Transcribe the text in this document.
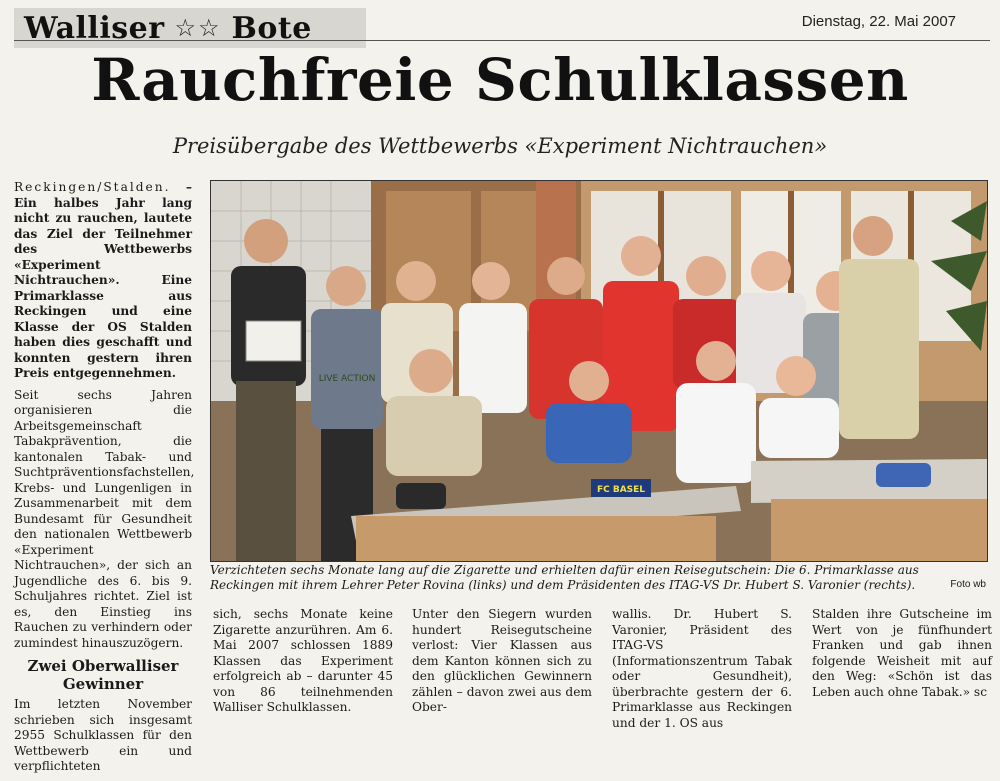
Walliser ☆☆ Bote	Dienstag, 22. Mai 2007
Rauchfreie Schulklassen
Preisübergabe des Wettbewerbs «Experiment Nichtrauchen»

Reckingen/Stalden. – Ein halbes Jahr lang nicht zu rauchen, lautete das Ziel der Teilnehmer des Wettbewerbs «Experiment Nichtrauchen». Eine Primarklasse aus Reckingen und eine Klasse der OS Stalden haben dies geschafft und konnten gestern ihren Preis entgegennehmen.

Seit sechs Jahren organisieren die Arbeitsgemeinschaft Tabakprävention, die kantonalen Tabak- und Suchtpräventionsfachstellen, Krebs- und Lungenligen in Zusammenarbeit mit dem Bundesamt für Gesundheit den nationalen Wettbewerb «Experiment Nichtrauchen», der sich an Jugendliche des 6. bis 9. Schuljahres richtet. Ziel ist es, den Einstieg ins Rauchen zu verhindern oder zumindest hinauszuzögern.

Zwei Oberwalliser Gewinner

Im letzten November schrieben sich insgesamt 2955 Schulklassen für den Wettbewerb ein und verpflichteten

LIVE ACTION
FC BASEL
Verzichteten sechs Monate lang auf die Zigarette und erhielten dafür einen Reisegutschein: Die 6. Primarklasse aus Reckingen mit ihrem Lehrer Peter Rovina (links) und dem Präsidenten des ITAG-VS Dr. Hubert S. Varonier (rechts).	Foto wb
sich, sechs Monate keine Zigarette anzurühren. Am 6. Mai 2007 schlossen 1889 Klassen das Experiment erfolgreich ab – darunter 45 von 86 teilnehmenden Walliser Schulklassen.
Unter den Siegern wurden hundert Reisegutscheine verlost: Vier Klassen aus dem Kanton können sich zu den glücklichen Gewinnern zählen – davon zwei aus dem Ober-
wallis. Dr. Hubert S. Varonier, Präsident des ITAG-VS (Informationszentrum Tabak oder Gesundheit), überbrachte gestern der 6. Primarklasse aus Reckingen und der 1. OS aus
Stalden ihre Gutscheine im Wert von je fünfhundert Franken und gab ihnen folgende Weisheit mit auf den Weg: «Schön ist das Leben auch ohne Tabak.» sc
